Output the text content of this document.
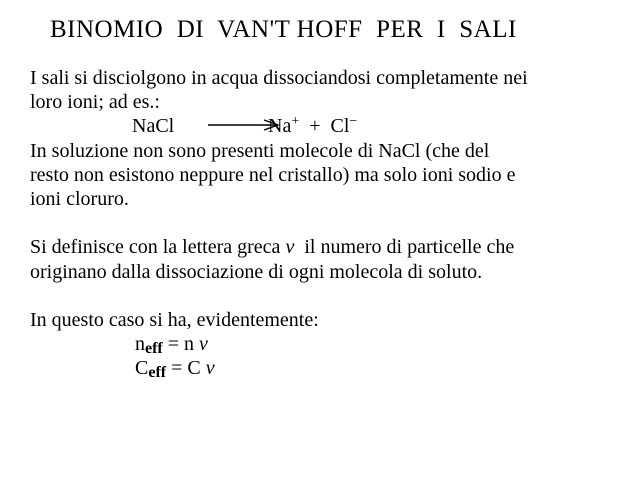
BINOMIO  DI  VAN'T HOFF  PER  I  SALI
I sali si disciolgono in acqua dissociandosi completamente nei
loro ioni; ad es.:
NaCl	Na+  +  Cl−
In soluzione non sono presenti molecole di NaCl (che del
resto non esistono neppure nel cristallo) ma solo ioni sodio e
ioni cloruro.
Si definisce con la lettera greca ν  il numero di particelle che
originano dalla dissociazione di ogni molecola di soluto.
In questo caso si ha, evidentemente:

neff = n ν

Ceff = C ν
